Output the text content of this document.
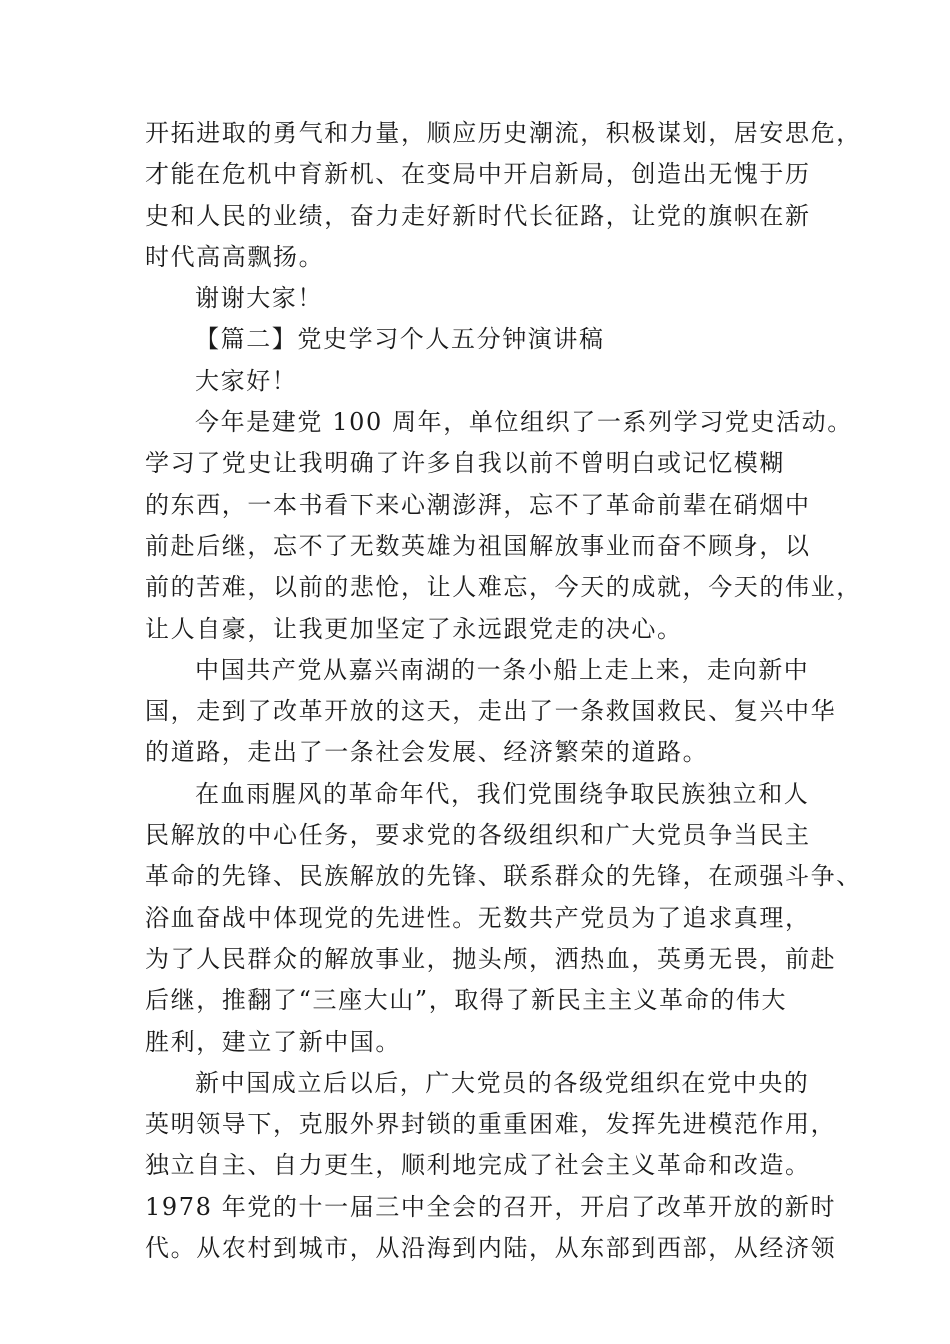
开拓进取的勇气和力量，顺应历史潮流，积极谋划，居安思危，
才能在危机中育新机、在变局中开启新局，创造出无愧于历
史和人民的业绩，奋力走好新时代长征路，让党的旗帜在新
时代高高飘扬。
谢谢大家！
【篇二】党史学习个人五分钟演讲稿
大家好！
今年是建党 100 周年，单位组织了一系列学习党史活动。
学习了党史让我明确了许多自我以前不曾明白或记忆模糊
的东西，一本书看下来心潮澎湃，忘不了革命前辈在硝烟中
前赴后继，忘不了无数英雄为祖国解放事业而奋不顾身，以
前的苦难，以前的悲怆，让人难忘，今天的成就，今天的伟业，
让人自豪，让我更加坚定了永远跟党走的决心。
中国共产党从嘉兴南湖的一条小船上走上来，走向新中
国，走到了改革开放的这天，走出了一条救国救民、复兴中华
的道路，走出了一条社会发展、经济繁荣的道路。
在血雨腥风的革命年代，我们党围绕争取民族独立和人
民解放的中心任务，要求党的各级组织和广大党员争当民主
革命的先锋、民族解放的先锋、联系群众的先锋，在顽强斗争、
浴血奋战中体现党的先进性。无数共产党员为了追求真理，
为了人民群众的解放事业，抛头颅，洒热血，英勇无畏，前赴
后继，推翻了“三座大山”，取得了新民主主义革命的伟大
胜利，建立了新中国。
新中国成立后以后，广大党员的各级党组织在党中央的
英明领导下，克服外界封锁的重重困难，发挥先进模范作用，
独立自主、自力更生，顺利地完成了社会主义革命和改造。
1978 年党的十一届三中全会的召开，开启了改革开放的新时
代。从农村到城市，从沿海到内陆，从东部到西部，从经济领
